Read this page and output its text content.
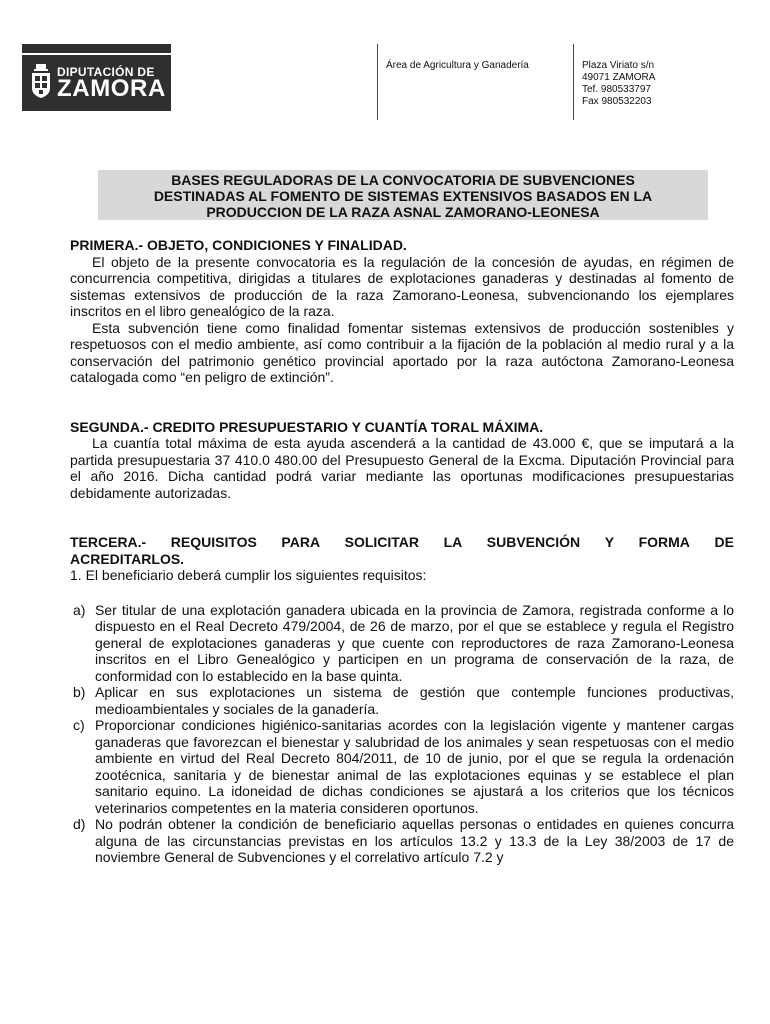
DIPUTACIÓN DE
ZAMORA
Área de Agricultura y Ganadería	Plaza Viriato s/n
49071 ZAMORA
Tef. 980533797
Fax 980532203
BASES REGULADORAS DE LA CONVOCATORIA DE SUBVENCIONES
DESTINADAS AL FOMENTO DE SISTEMAS EXTENSIVOS BASADOS EN LA
PRODUCCION DE LA RAZA ASNAL ZAMORANO-LEONESA

PRIMERA.- OBJETO, CONDICIONES Y FINALIDAD.

El objeto de la presente convocatoria es la regulación de la concesión de ayudas, en régimen de concurrencia competitiva, dirigidas a titulares de explotaciones ganaderas y destinadas al fomento de sistemas extensivos de producción de la raza Zamorano-Leonesa, subvencionando los ejemplares inscritos en el libro genealógico de la raza.

Esta subvención tiene como finalidad fomentar sistemas extensivos de producción sostenibles y respetuosos con el medio ambiente, así como contribuir a la fijación de la población al medio rural y a la conservación del patrimonio genético provincial aportado por la raza autóctona Zamorano-Leonesa catalogada como “en peligro de extinción”.

SEGUNDA.- CREDITO PRESUPUESTARIO Y CUANTÍA TORAL MÁXIMA.

La cuantía total máxima de esta ayuda ascenderá a la cantidad de 43.000 €, que se imputará a la partida presupuestaria 37 410.0 480.00 del Presupuesto General de la Excma. Diputación Provincial para el año 2016. Dicha cantidad podrá variar mediante las oportunas modificaciones presupuestarias debidamente autorizadas.

TERCERA.- REQUISITOS PARA SOLICITAR LA SUBVENCIÓN Y FORMA DE

ACREDITARLOS.

1. El beneficiario deberá cumplir los siguientes requisitos:

a) Ser titular de una explotación ganadera ubicada en la provincia de Zamora, registrada conforme a lo dispuesto en el Real Decreto 479/2004, de 26 de marzo, por el que se establece y regula el Registro general de explotaciones ganaderas y que cuente con reproductores de raza Zamorano-Leonesa inscritos en el Libro Genealógico y participen en un programa de conservación de la raza, de conformidad con lo establecido en la base quinta.
b) Aplicar en sus explotaciones un sistema de gestión que contemple funciones productivas, medioambientales y sociales de la ganadería.
c) Proporcionar condiciones higiénico-sanitarias acordes con la legislación vigente y mantener cargas ganaderas que favorezcan el bienestar y salubridad de los animales y sean respetuosas con el medio ambiente en virtud del Real Decreto 804/2011, de 10 de junio, por el que se regula la ordenación zootécnica, sanitaria y de bienestar animal de las explotaciones equinas y se establece el plan sanitario equino. La idoneidad de dichas condiciones se ajustará a los criterios que los técnicos veterinarios competentes en la materia consideren oportunos.
d) No podrán obtener la condición de beneficiario aquellas personas o entidades en quienes concurra alguna de las circunstancias previstas en los artículos 13.2 y 13.3 de la Ley 38/2003 de 17 de noviembre General de Subvenciones y el correlativo artículo 7.2 y
